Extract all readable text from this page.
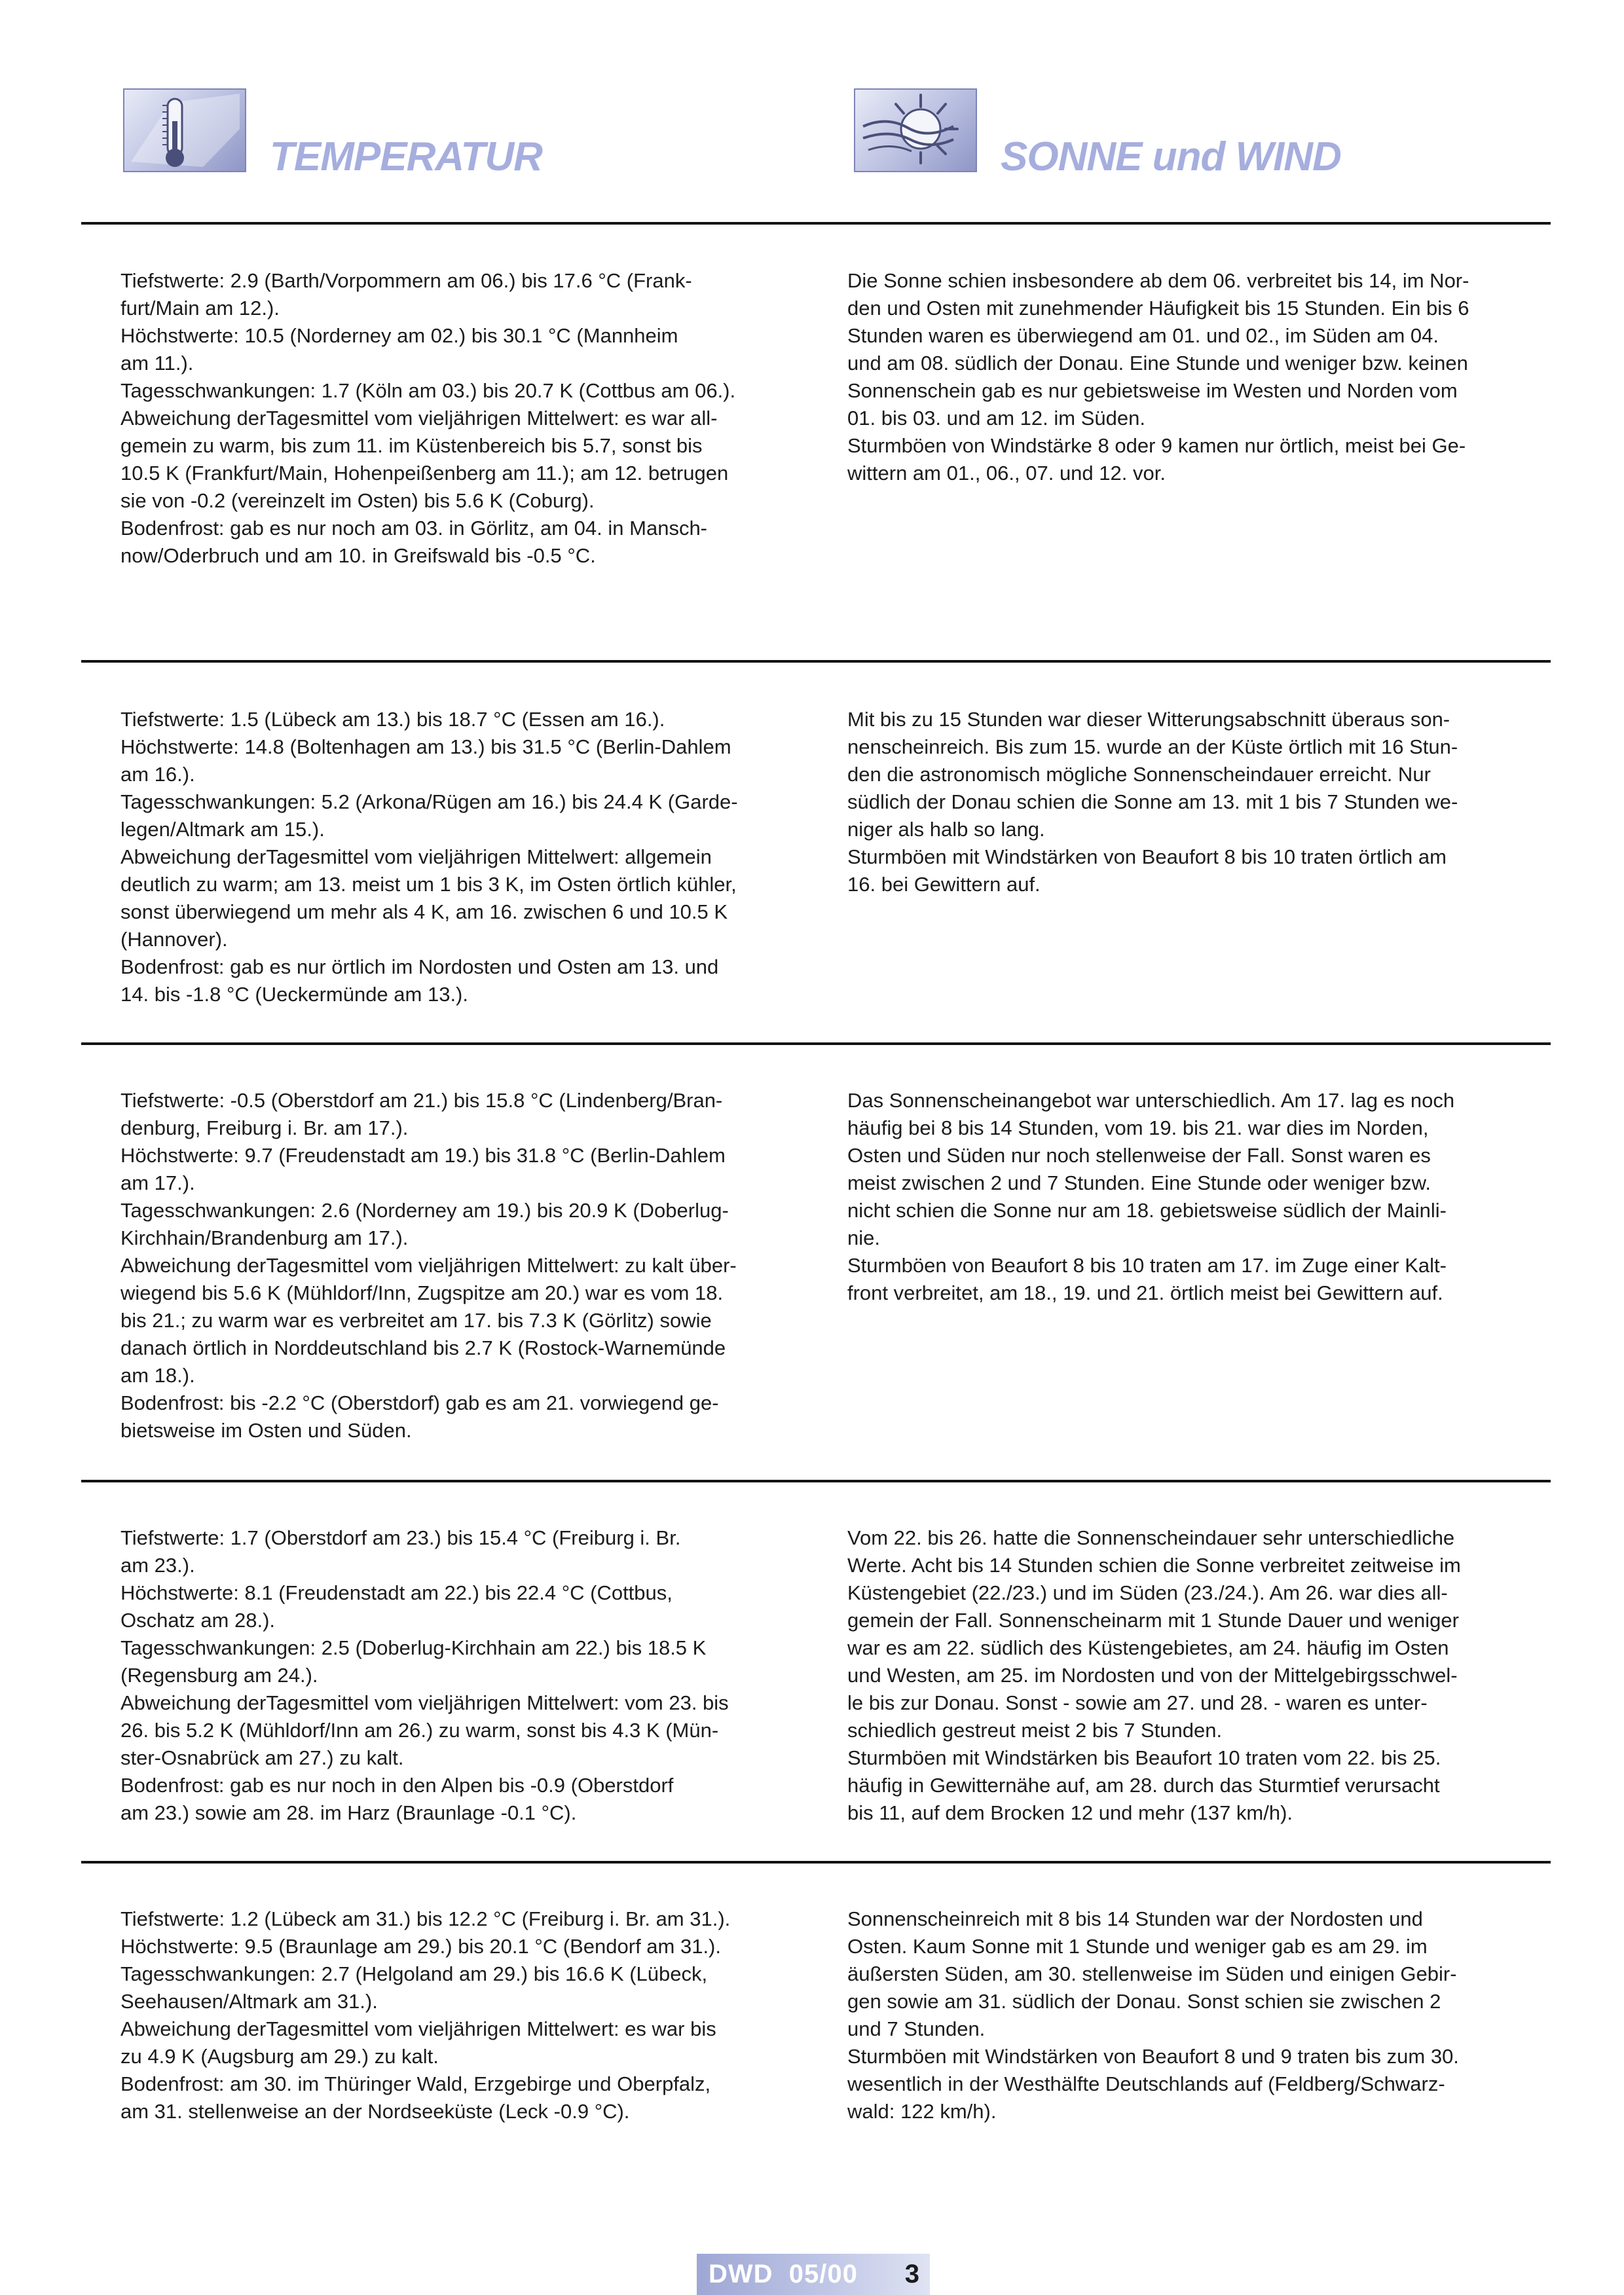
TEMPERATUR	SONNE und WIND

Tiefstwerte: 2.9 (Barth/Vorpommern am 06.) bis 17.6 °C (Frank-

furt/Main am 12.).

Höchstwerte: 10.5 (Norderney am 02.) bis 30.1 °C (Mannheim

am 11.).

Tagesschwankungen: 1.7 (Köln am 03.) bis 20.7 K (Cottbus am 06.).

Abweichung derTagesmittel vom vieljährigen Mittelwert: es war all-

gemein zu warm, bis zum 11. im Küstenbereich bis 5.7, sonst bis

10.5 K (Frankfurt/Main, Hohenpeißenberg am 11.); am 12. betrugen

sie von -0.2 (vereinzelt im Osten) bis 5.6 K (Coburg).

Bodenfrost: gab es nur noch am 03. in Görlitz, am 04. in Mansch-

now/Oderbruch und am 10. in Greifswald bis -0.5 °C.

Die Sonne schien insbesondere ab dem 06. verbreitet bis 14, im Nor-

den und Osten mit zunehmender Häufigkeit bis 15 Stunden. Ein bis 6

Stunden waren es überwiegend am 01. und 02., im Süden am 04.

und am 08. südlich der Donau. Eine Stunde und weniger bzw. keinen

Sonnenschein gab es nur gebietsweise im Westen und Norden vom

01. bis 03. und am 12. im Süden.

Sturmböen von Windstärke 8 oder 9 kamen nur örtlich, meist bei Ge-

wittern am 01., 06., 07. und 12. vor.

Tiefstwerte: 1.5 (Lübeck am 13.) bis 18.7 °C (Essen am 16.).

Höchstwerte: 14.8 (Boltenhagen am 13.) bis 31.5 °C (Berlin-Dahlem

am 16.).

Tagesschwankungen: 5.2 (Arkona/Rügen am 16.) bis 24.4 K (Garde-

legen/Altmark am 15.).

Abweichung derTagesmittel vom vieljährigen Mittelwert: allgemein

deutlich zu warm; am 13. meist um 1 bis 3 K, im Osten örtlich kühler,

sonst überwiegend um mehr als 4 K, am 16. zwischen 6 und 10.5 K

(Hannover).

Bodenfrost: gab es nur örtlich im Nordosten und Osten am 13. und

14. bis -1.8 °C (Ueckermünde am 13.).

Mit bis zu 15 Stunden war dieser Witterungsabschnitt überaus son-

nenscheinreich. Bis zum 15. wurde an der Küste örtlich mit 16 Stun-

den die astronomisch mögliche Sonnenscheindauer erreicht. Nur

südlich der Donau schien die Sonne am 13. mit 1 bis 7 Stunden we-

niger als halb so lang.

Sturmböen mit Windstärken von Beaufort 8 bis 10 traten örtlich am

16. bei Gewittern auf.

Tiefstwerte: -0.5 (Oberstdorf am 21.) bis 15.8 °C (Lindenberg/Bran-

denburg, Freiburg i. Br. am 17.).

Höchstwerte: 9.7 (Freudenstadt am 19.) bis 31.8 °C (Berlin-Dahlem

am 17.).

Tagesschwankungen: 2.6 (Norderney am 19.) bis 20.9 K (Doberlug-

Kirchhain/Brandenburg am 17.).

Abweichung derTagesmittel vom vieljährigen Mittelwert: zu kalt über-

wiegend bis 5.6 K (Mühldorf/Inn, Zugspitze am 20.) war es vom 18.

bis 21.; zu warm war es verbreitet am 17. bis 7.3 K (Görlitz) sowie

danach örtlich in Norddeutschland bis 2.7 K (Rostock-Warnemünde

am 18.).

Bodenfrost: bis -2.2 °C (Oberstdorf) gab es am 21. vorwiegend ge-

bietsweise im Osten und Süden.

Das Sonnenscheinangebot war unterschiedlich. Am 17. lag es noch

häufig bei 8 bis 14 Stunden, vom 19. bis 21. war dies im Norden,

Osten und Süden nur noch stellenweise der Fall. Sonst waren es

meist zwischen 2 und 7 Stunden. Eine Stunde oder weniger bzw.

nicht schien die Sonne nur am 18. gebietsweise südlich der Mainli-

nie.

Sturmböen von Beaufort 8 bis 10 traten am 17. im Zuge einer Kalt-

front verbreitet, am 18., 19. und 21. örtlich meist bei Gewittern auf.

Tiefstwerte: 1.7 (Oberstdorf am 23.) bis 15.4 °C (Freiburg i. Br.

am 23.).

Höchstwerte: 8.1 (Freudenstadt am 22.) bis 22.4 °C (Cottbus,

Oschatz am 28.).

Tagesschwankungen: 2.5 (Doberlug-Kirchhain am 22.) bis 18.5 K

(Regensburg am 24.).

Abweichung derTagesmittel vom vieljährigen Mittelwert: vom 23. bis

26. bis 5.2 K (Mühldorf/Inn am 26.) zu warm, sonst bis 4.3 K (Mün-

ster-Osnabrück am 27.) zu kalt.

Bodenfrost: gab es nur noch in den Alpen bis -0.9 (Oberstdorf

am 23.) sowie am 28. im Harz (Braunlage -0.1 °C).

Vom 22. bis 26. hatte die Sonnenscheindauer sehr unterschiedliche

Werte. Acht bis 14 Stunden schien die Sonne verbreitet zeitweise im

Küstengebiet (22./23.) und im Süden (23./24.). Am 26. war dies all-

gemein der Fall. Sonnenscheinarm mit 1 Stunde Dauer und weniger

war es am 22. südlich des Küstengebietes, am 24. häufig im Osten

und Westen, am 25. im Nordosten und von der Mittelgebirgsschwel-

le bis zur Donau. Sonst - sowie am 27. und 28. - waren es unter-

schiedlich gestreut meist 2 bis 7 Stunden.

Sturmböen mit Windstärken bis Beaufort 10 traten vom 22. bis 25.

häufig in Gewitternähe auf, am 28. durch das Sturmtief verursacht

bis 11, auf dem Brocken 12 und mehr (137 km/h).

Tiefstwerte: 1.2 (Lübeck am 31.) bis 12.2 °C (Freiburg i. Br. am 31.).

Höchstwerte: 9.5 (Braunlage am 29.) bis 20.1 °C (Bendorf am 31.).

Tagesschwankungen: 2.7 (Helgoland am 29.) bis 16.6 K (Lübeck,

Seehausen/Altmark am 31.).

Abweichung derTagesmittel vom vieljährigen Mittelwert: es war bis

zu 4.9 K (Augsburg am 29.) zu kalt.

Bodenfrost: am 30. im Thüringer Wald, Erzgebirge und Oberpfalz,

am 31. stellenweise an der Nordseeküste (Leck -0.9 °C).

Sonnenscheinreich mit 8 bis 14 Stunden war der Nordosten und

Osten. Kaum Sonne mit 1 Stunde und weniger gab es am 29. im

äußersten Süden, am 30. stellenweise im Süden und einigen Gebir-

gen sowie am 31. südlich der Donau. Sonst schien sie zwischen 2

und 7 Stunden.

Sturmböen mit Windstärken von Beaufort 8 und 9 traten bis zum 30.

wesentlich in der Westhälfte Deutschlands auf (Feldberg/Schwarz-

wald: 122 km/h).

DWD  05/00 3
